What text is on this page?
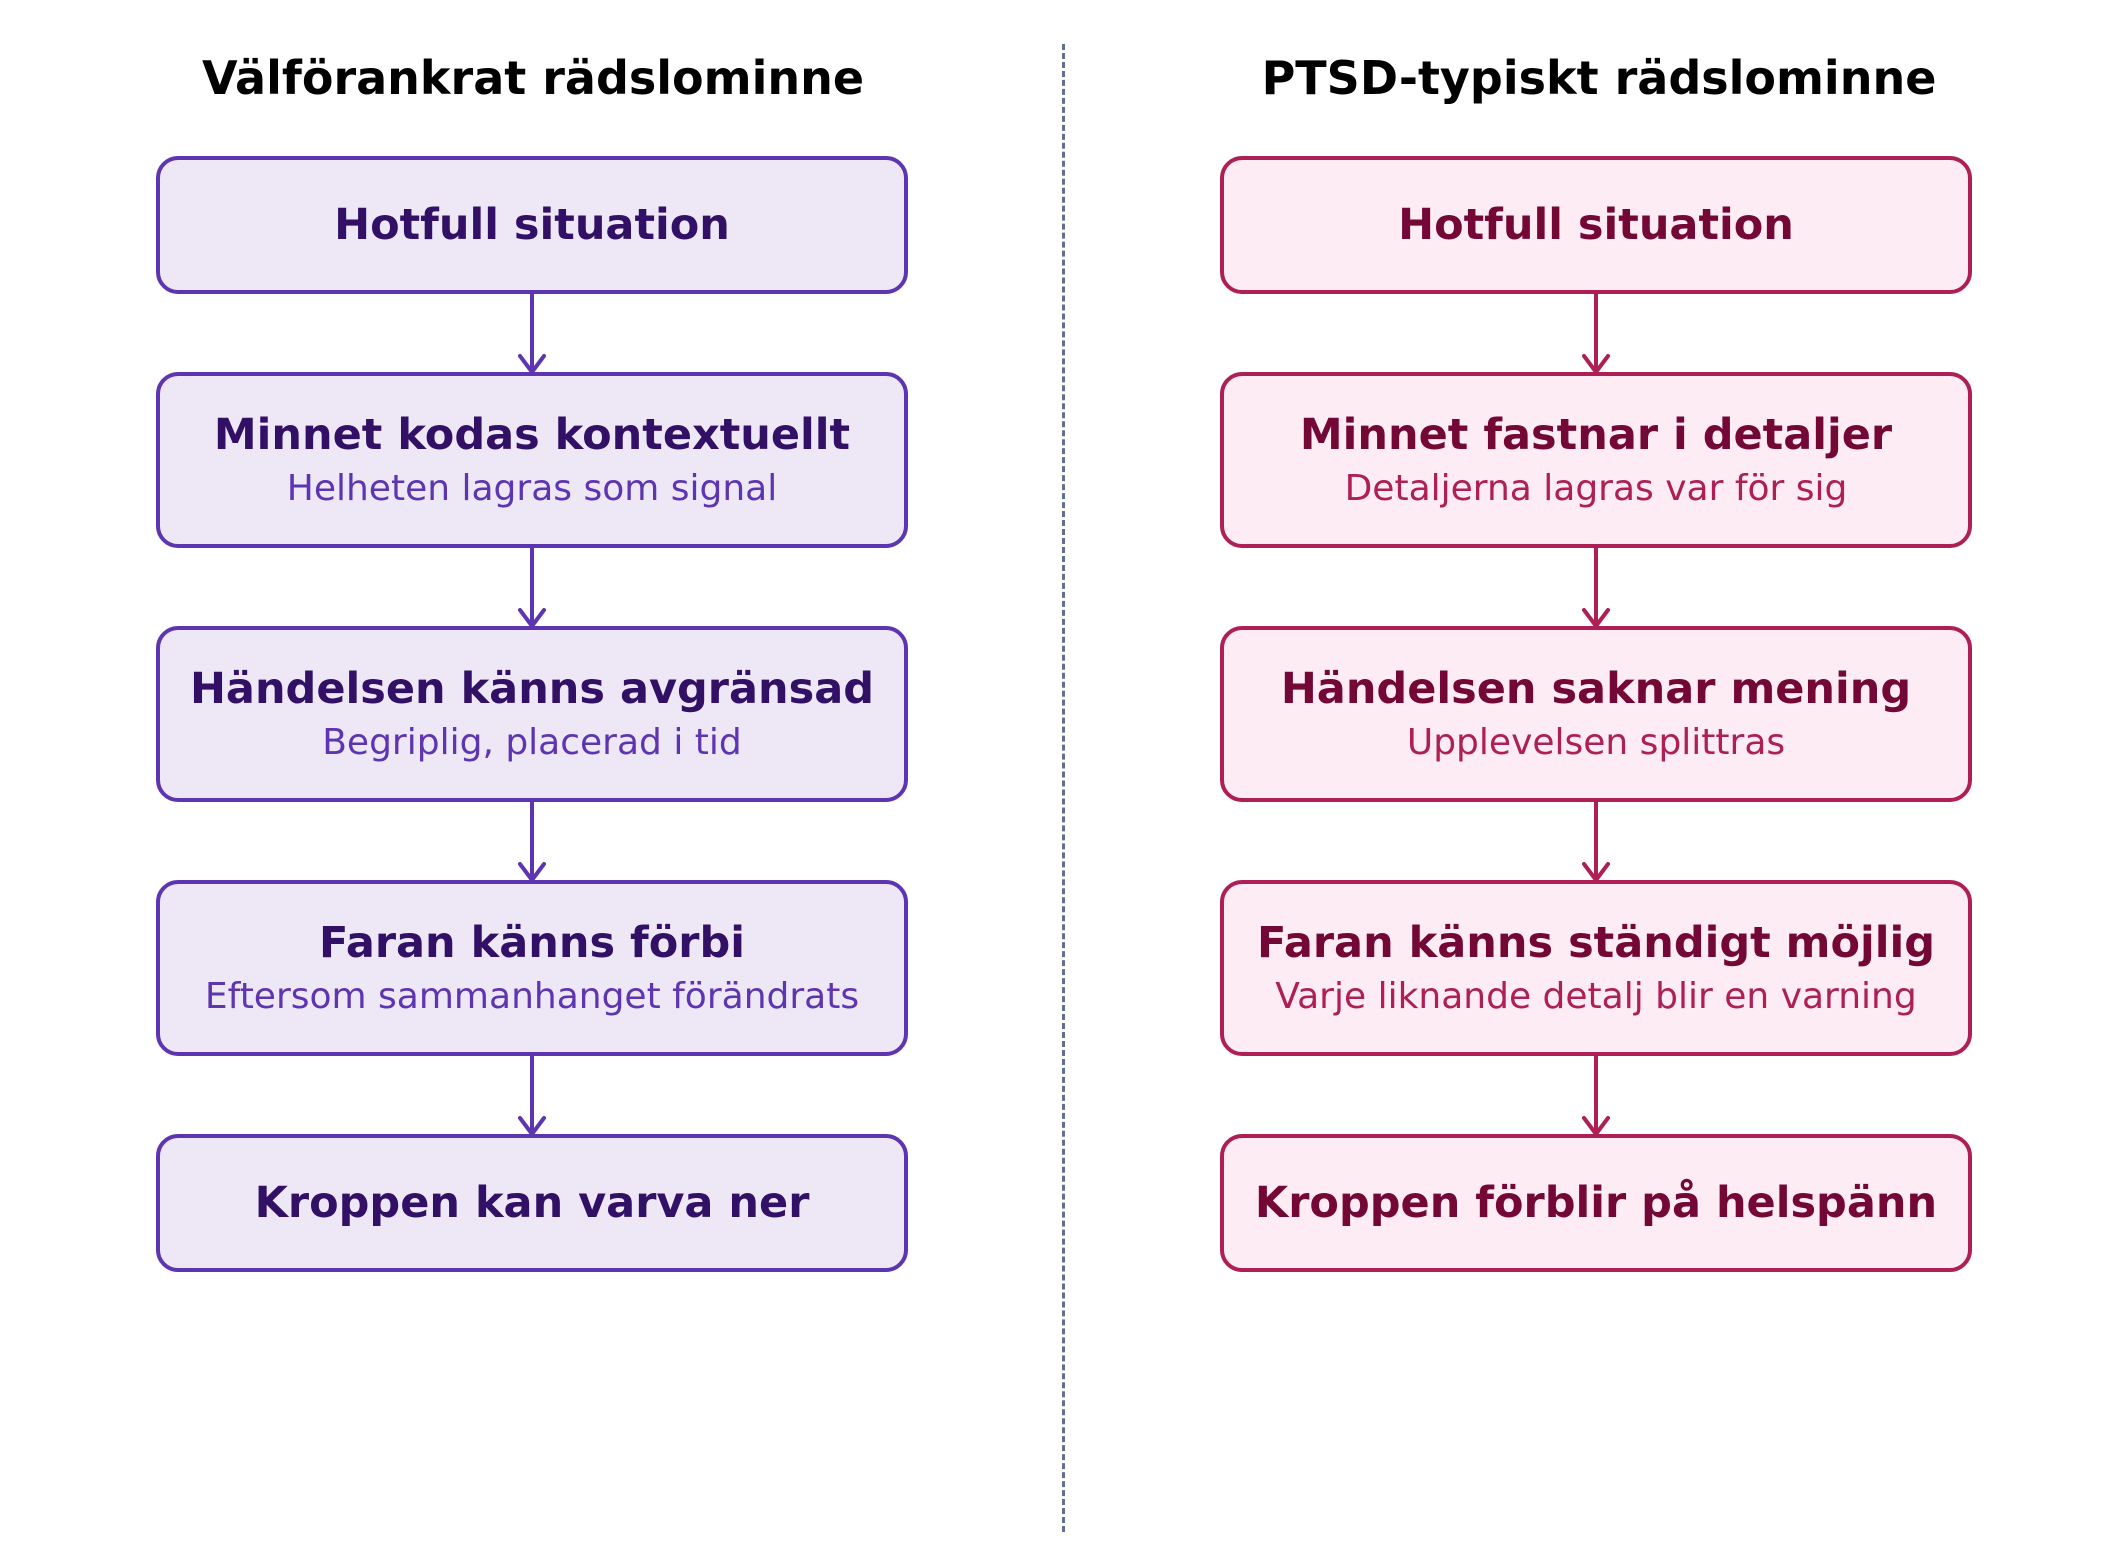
Välförankrat rädslominne	PTSD-typiskt rädslominne
Hotfull situation
Minnet kodas kontextuellt
Helheten lagras som signal
Händelsen känns avgränsad
Begriplig, placerad i tid
Faran känns förbi
Eftersom sammanhanget förändrats
Kroppen kan varva ner
Hotfull situation
Minnet fastnar i detaljer
Detaljerna lagras var för sig
Händelsen saknar mening
Upplevelsen splittras
Faran känns ständigt möjlig
Varje liknande detalj blir en varning
Kroppen förblir på helspänn
